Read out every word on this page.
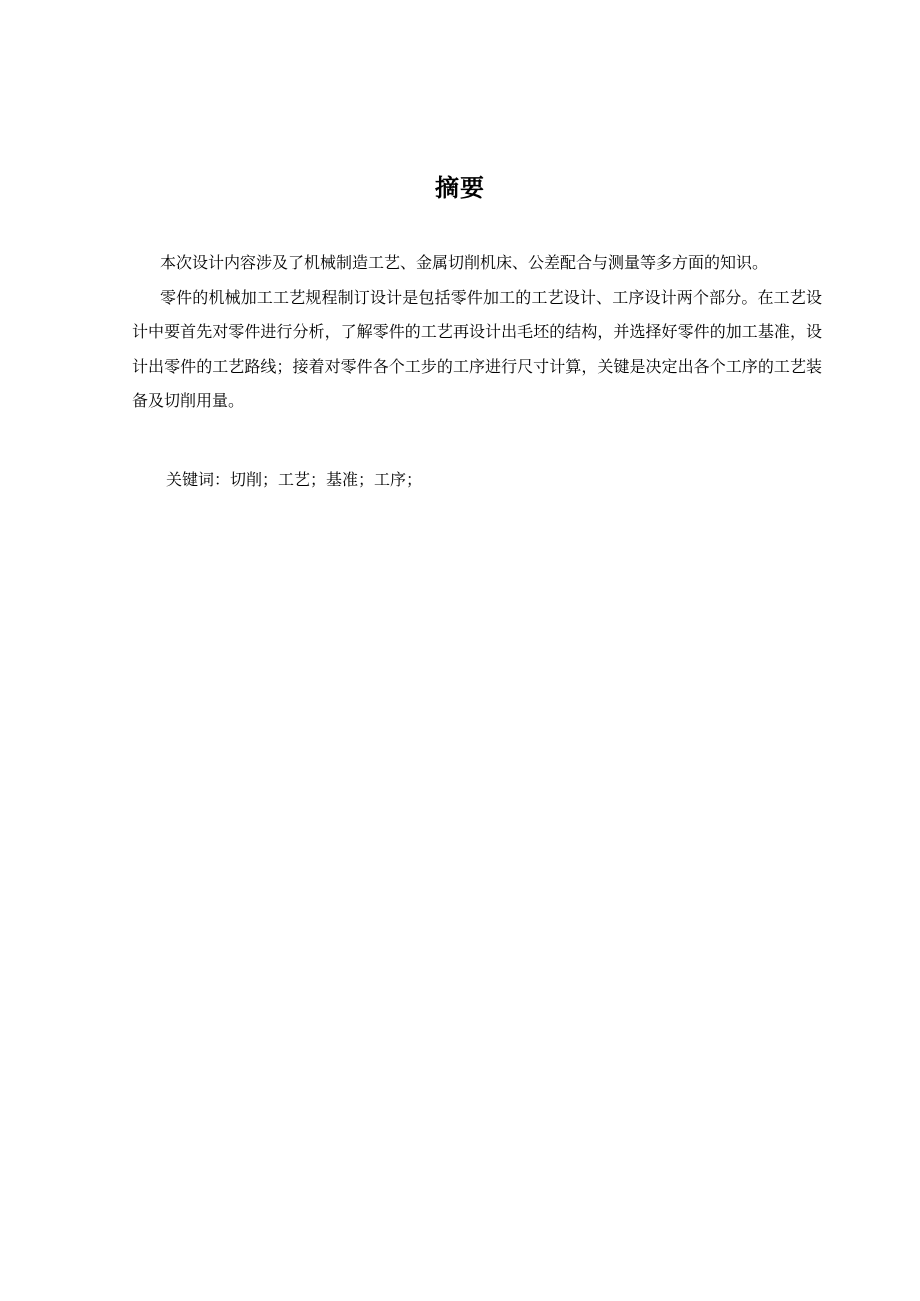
摘要

本次设计内容涉及了机械制造工艺、金属切削机床、公差配合与测量等多方面的知识。

零件的机械加工工艺规程制订设计是包括零件加工的工艺设计、工序设计两个部分。在工艺设计中要首先对零件进行分析，了解零件的工艺再设计出毛坯的结构，并选择好零件的加工基准，设计出零件的工艺路线；接着对零件各个工步的工序进行尺寸计算，关键是决定出各个工序的工艺装备及切削用量。

关键词：切削；工艺；基准；工序；
